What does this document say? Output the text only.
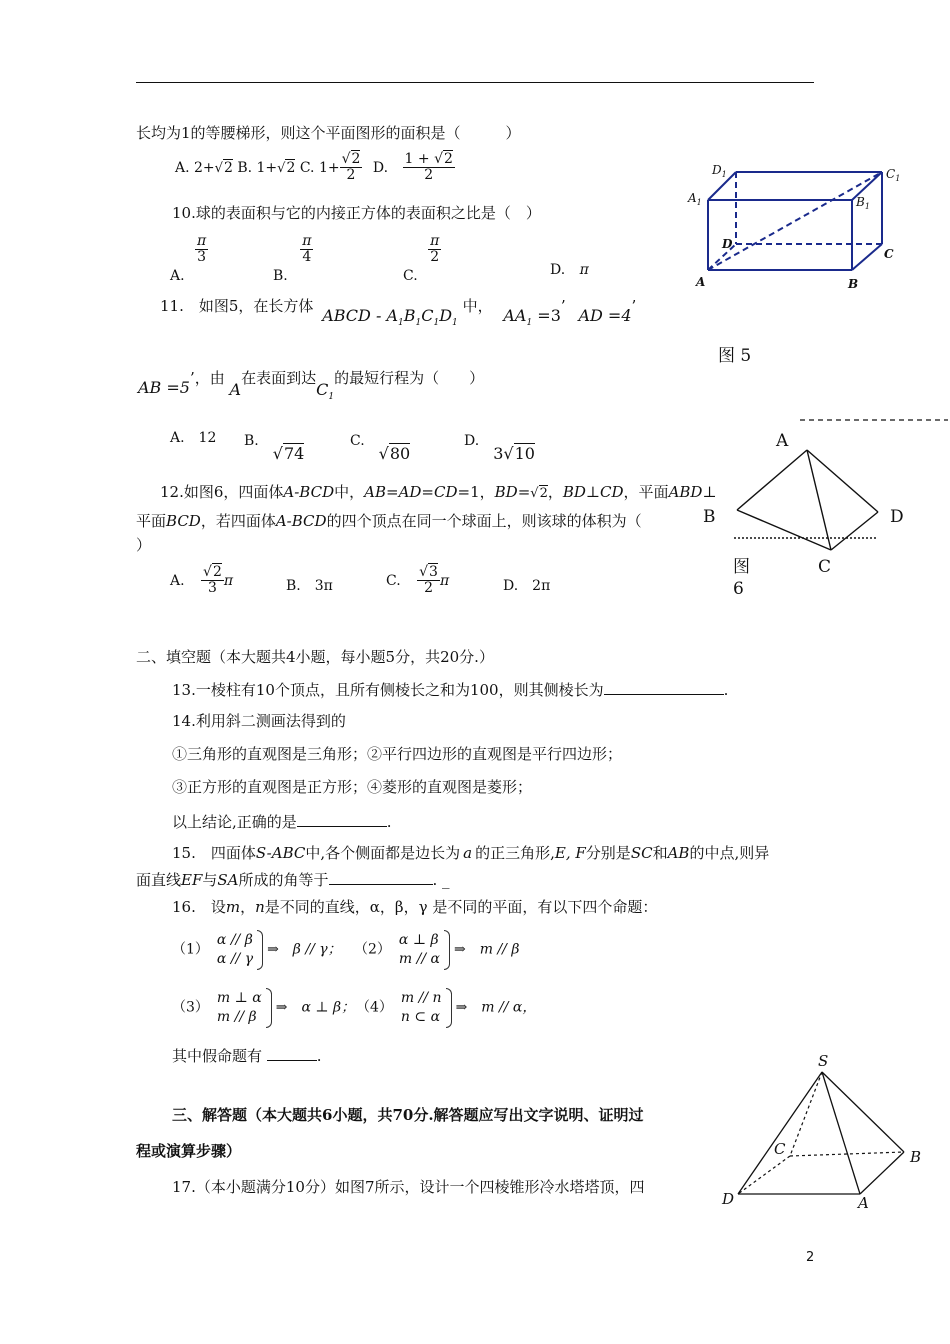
长均为1的等腰梯形，则这个平面图形的面积是（　　　）
A. 2+√2 B. 1+√2 C. $1+ \frac{√2}{2} D$. $\frac{1 + √2}{2}$
10.球的表面积与它的内接正方体的表面积之比是（　）
A.
$\frac{\pi}{3}$
B.
$\frac{\pi}{4}$
C.
$\frac{\pi}{2}$
D. π
11.　如图5，在长方体 ABCD - $A_1B_1C_1D_1$ 中， $AA_1 =3$’ AD =4’
AB =5’，由 A在表面到达$C_1$的最短行程为（　　）
A.　12 B.√74
C.√80
D.3√10
12.如图6，四面体A-BCD中，AB=AD=CD=1，BD=√2，BD⊥CD，平面ABD⊥
平面BCD，若四面体A-BCD的四个顶点在同一个球面上，则该球的体积为（
）
A. $\frac{√2}{3}$ π	B.　3π	C. $\frac{√3}{2}$ π	D.　2π
二、填空题（本大题共4小题，每小题5分，共20分.）
13.一棱柱有10个顶点，且所有侧棱长之和为100，则其侧棱长为	.
14.利用斜二测画法得到的
①三角形的直观图是三角形；②平行四边形的直观图是平行四边形；
③正方形的直观图是正方形；④菱形的直观图是菱形；
以上结论,正确的是	.
15.　四面体S-ABC中,各个侧面都是边长为 a 的正三角形,E, F分别是SC和AB的中点,则异
面直线EF与SA所成的角等于	. _
16.　设m，n是不同的直线，α，β，γ 是不同的平面，有以下四个命题：
（1）α // β
α // γ⇒　β // γ； （2）α ⊥ β
m // α⇒　m // β
（3）m ⊥ α
m // β⇒　α ⊥ β； （4）m // n
n ⊂ α⇒　m // α，
其中假命题有	.
三、解答题（本大题共6小题，共70分.解答题应写出文字说明、证明过
程或演算步骤）
17.（本小题满分10分）如图7所示，设计一个四棱锥形冷水塔塔顶，四
2
$D_1$	$C_1$
$A_1$	$B_1$
D
C
A	B
图 5
A
B	D
C
图
6
S
C	B
D	A
